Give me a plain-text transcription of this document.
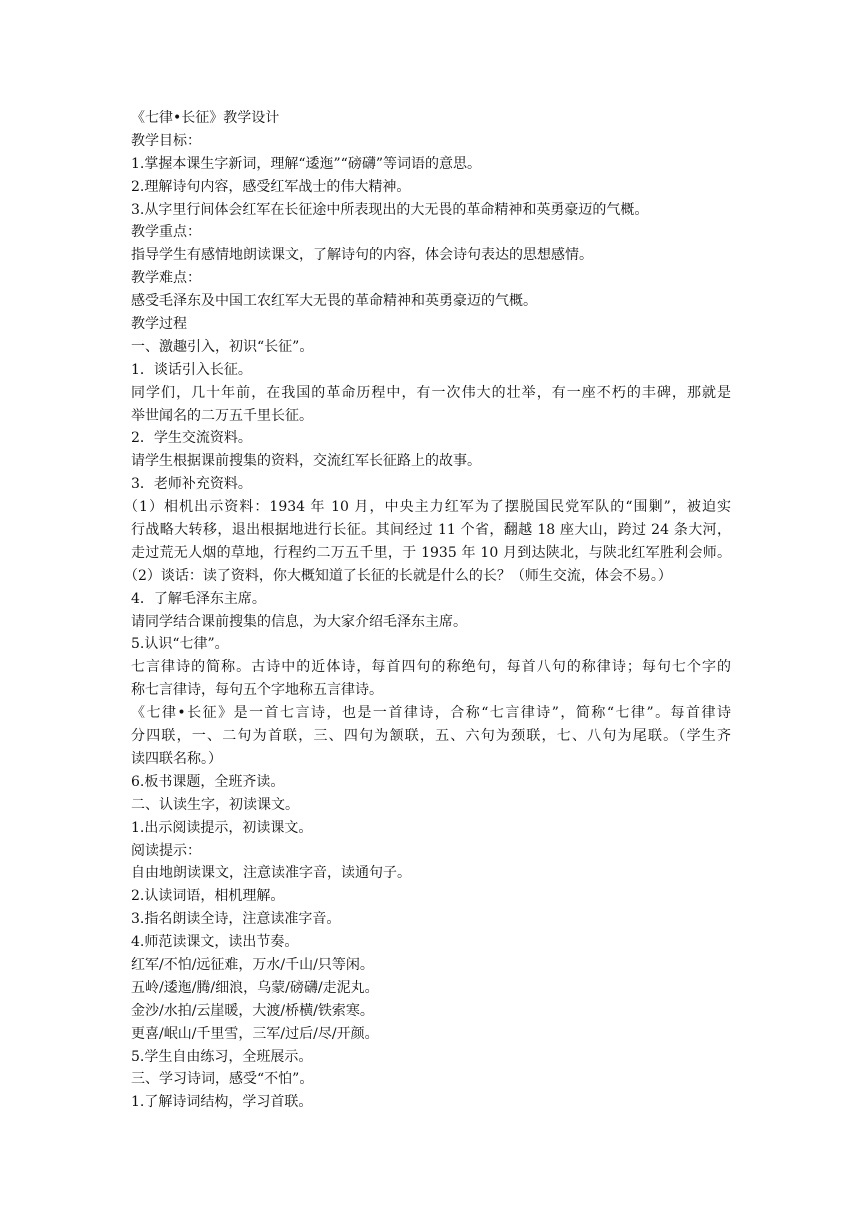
《七律•长征》教学设计
教学目标：
1.掌握本课生字新词，理解“逶迤”“磅礴”等词语的意思。
2.理解诗句内容，感受红军战士的伟大精神。
3.从字里行间体会红军在长征途中所表现出的大无畏的革命精神和英勇豪迈的气概。
教学重点：
指导学生有感情地朗读课文，了解诗句的内容，体会诗句表达的思想感情。
教学难点：
感受毛泽东及中国工农红军大无畏的革命精神和英勇豪迈的气概。
教学过程
一、激趣引入，初识“长征”。
1．谈话引入长征。
同学们，几十年前，在我国的革命历程中，有一次伟大的壮举，有一座不朽的丰碑，那就是
举世闻名的二万五千里长征。
2．学生交流资料。
请学生根据课前搜集的资料，交流红军长征路上的故事。
3．老师补充资料。
（1）相机出示资料：1934 年 10 月，中央主力红军为了摆脱国民党军队的“围剿”，被迫实
行战略大转移，退出根据地进行长征。其间经过 11 个省，翻越 18 座大山，跨过 24 条大河，
走过荒无人烟的草地，行程约二万五千里，于 1935 年 10 月到达陕北，与陕北红军胜利会师。
（2）谈话：读了资料，你大概知道了长征的长就是什么的长？（师生交流，体会不易。）
4．了解毛泽东主席。
请同学结合课前搜集的信息，为大家介绍毛泽东主席。
5.认识“七律”。
七言律诗的简称。古诗中的近体诗，每首四句的称绝句，每首八句的称律诗；每句七个字的
称七言律诗，每句五个字地称五言律诗。
《七律•长征》是一首七言诗，也是一首律诗，合称“七言律诗”，简称“七律”。每首律诗
分四联，一、二句为首联，三、四句为颔联，五、六句为颈联，七、八句为尾联。（学生齐
读四联名称。）
6.板书课题，全班齐读。
二、认读生字，初读课文。
1.出示阅读提示，初读课文。
阅读提示：
自由地朗读课文，注意读准字音，读通句子。
2.认读词语，相机理解。
3.指名朗读全诗，注意读准字音。
4.师范读课文，读出节奏。
红军/不怕/远征难，万水/千山/只等闲。
五岭/逶迤/腾/细浪，乌蒙/磅礴/走泥丸。
金沙/水拍/云崖暖，大渡/桥横/铁索寒。
更喜/岷山/千里雪，三军/过后/尽/开颜。
5.学生自由练习，全班展示。
三、学习诗词，感受“不怕”。
1.了解诗词结构，学习首联。
